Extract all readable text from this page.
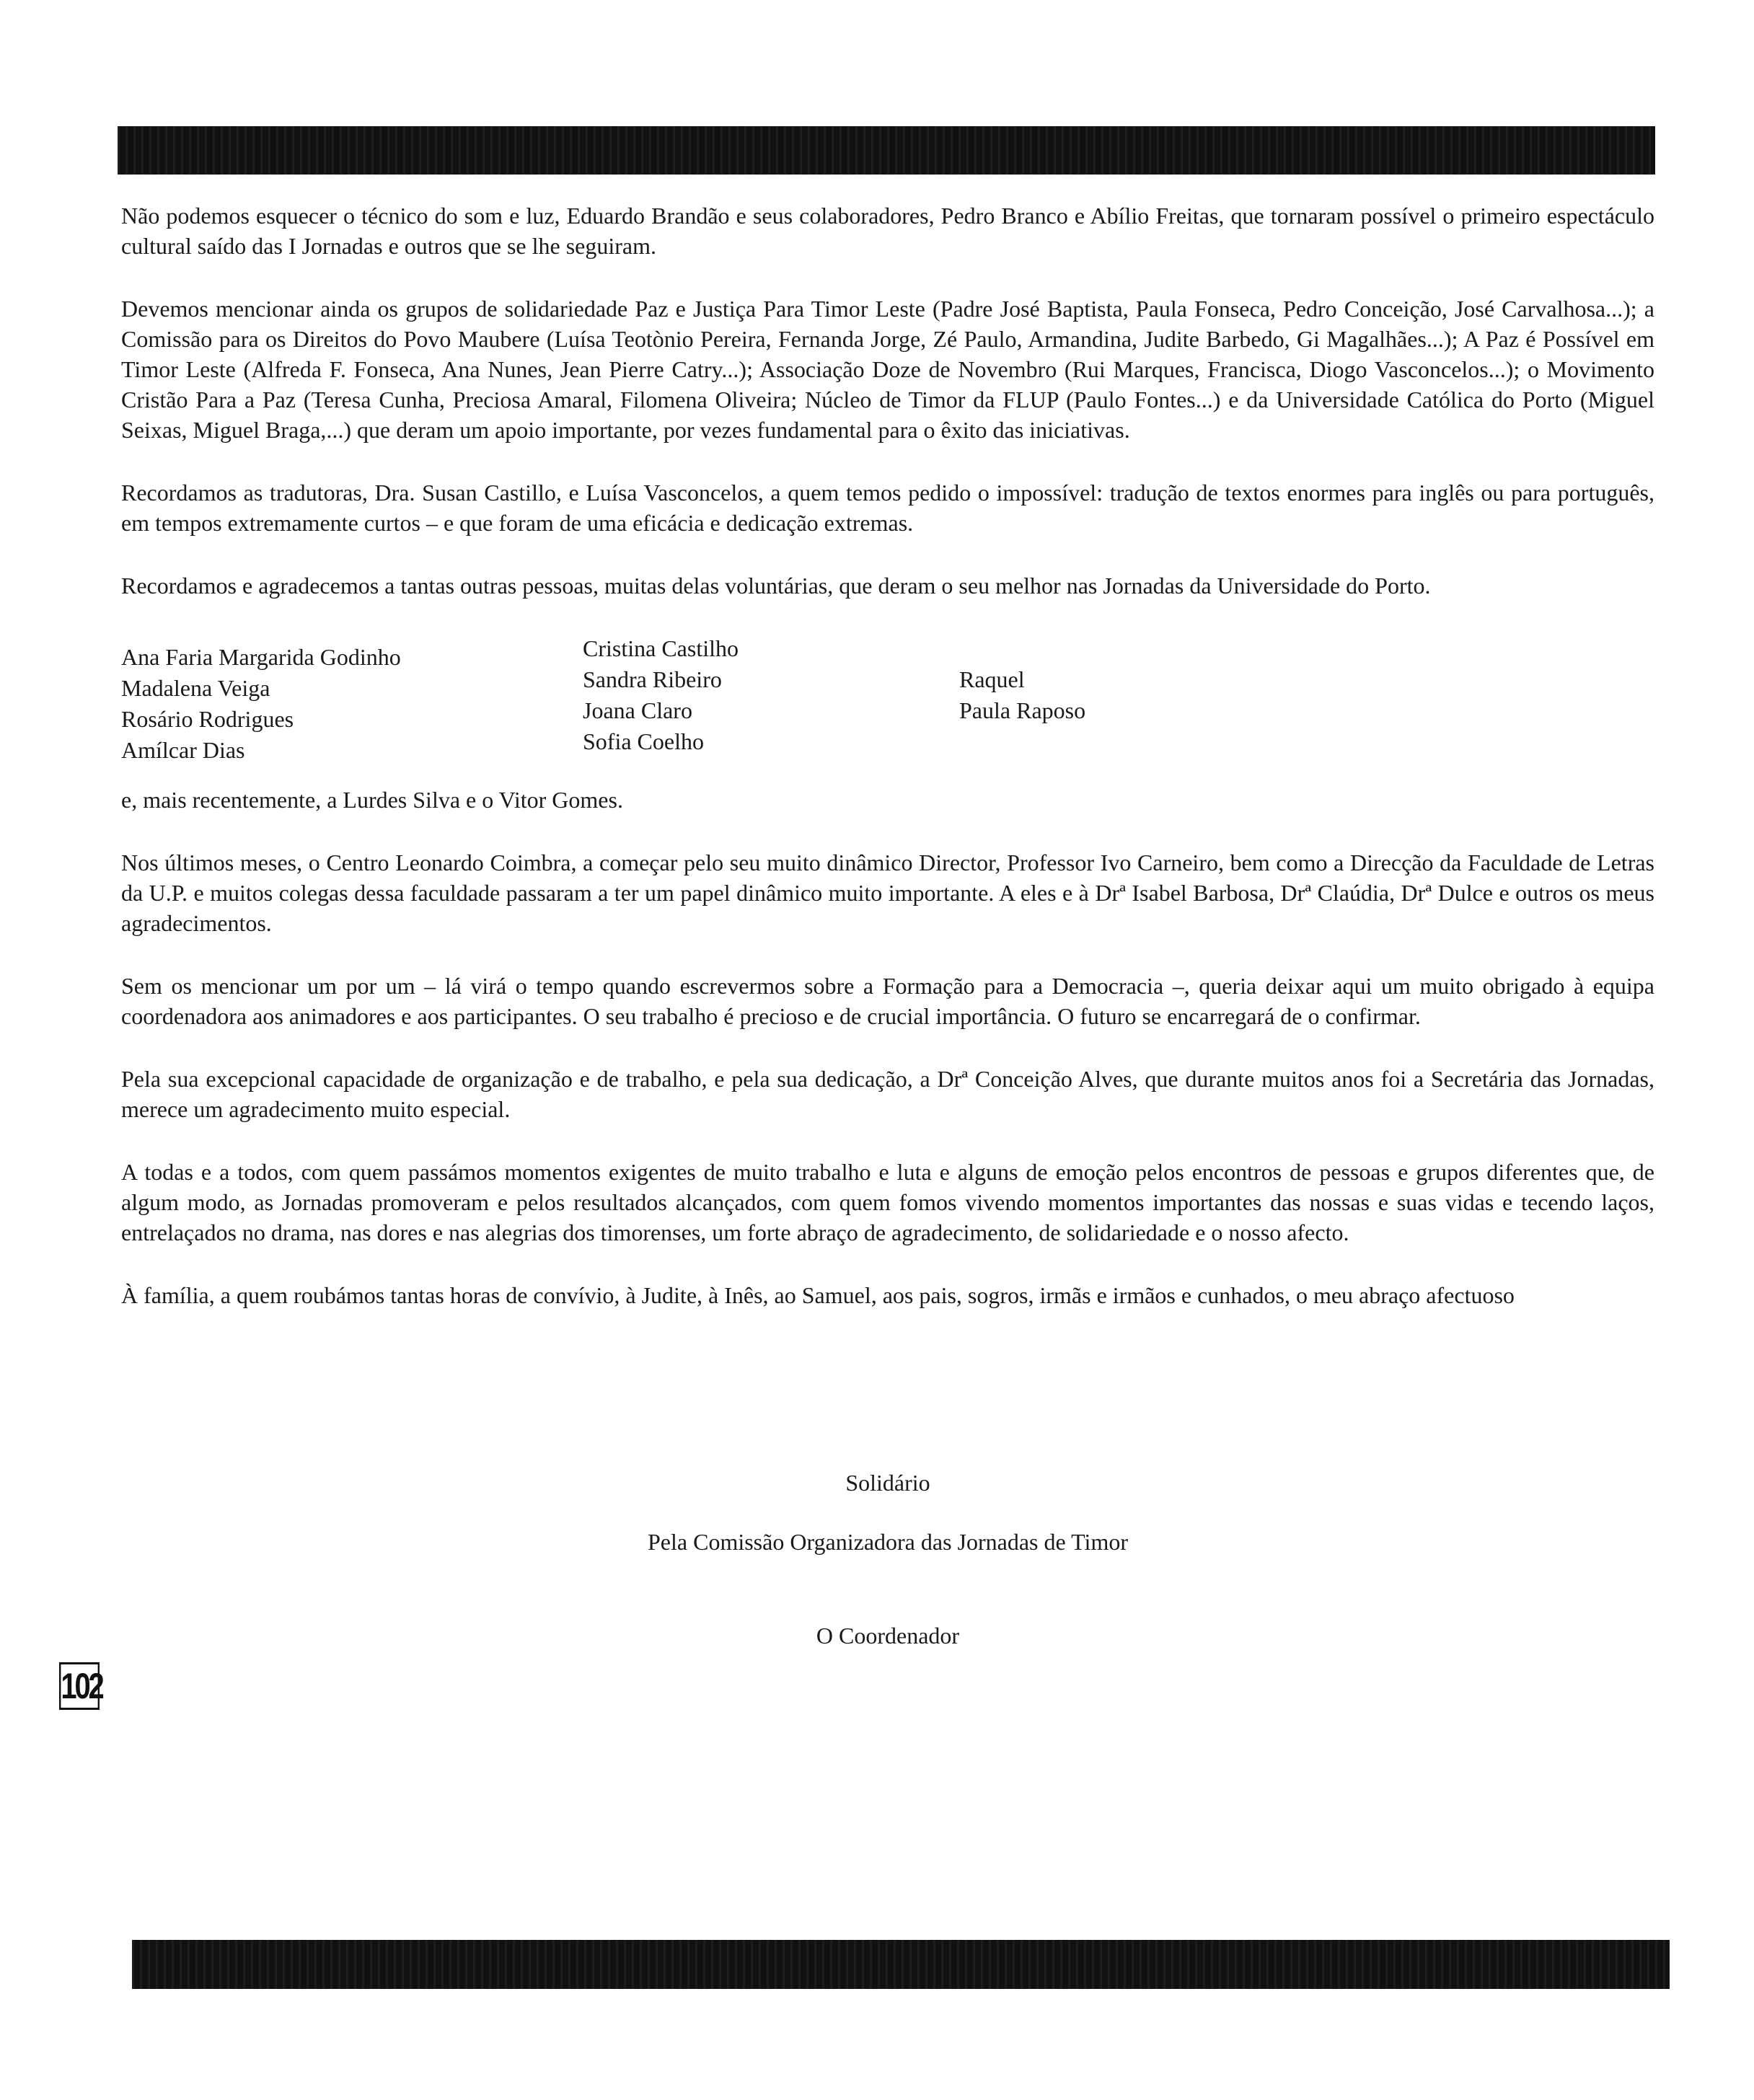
Não podemos esquecer o técnico do som e luz, Eduardo Brandão e seus colaboradores, Pedro Branco e Abílio Freitas, que tornaram possível o primeiro espectáculo cultural saído das I Jornadas e outros que se lhe seguiram.

Devemos mencionar ainda os grupos de solidariedade Paz e Justiça Para Timor Leste (Padre José Baptista, Paula Fonseca, Pedro Conceição, José Carvalhosa...); a Comissão para os Direitos do Povo Maubere (Luísa Teotònio Pereira, Fernanda Jorge, Zé Paulo, Armandina, Judite Barbedo, Gi Magalhães...); A Paz é Possível em Timor Leste (Alfreda F. Fonseca, Ana Nunes, Jean Pierre Catry...); Associação Doze de Novembro (Rui Marques, Francisca, Diogo Vasconcelos...); o Movimento Cristão Para a Paz (Teresa Cunha, Preciosa Amaral, Filomena Oliveira; Núcleo de Timor da FLUP (Paulo Fontes...) e da Universidade Católica do Porto (Miguel Seixas, Miguel Braga,...) que deram um apoio importante, por vezes fundamental para o êxito das iniciativas.

Recordamos as tradutoras, Dra. Susan Castillo, e Luísa Vasconcelos, a quem temos pedido o impossível: tradução de textos enormes para inglês ou para português, em tempos extremamente curtos – e que foram de uma eficácia e dedicação extremas.

Recordamos e agradecemos a tantas outras pessoas, muitas delas voluntárias, que deram o seu melhor nas Jornadas da Universidade do Porto.

Ana Faria Margarida Godinho
Madalena Veiga
Rosário Rodrigues
Amílcar Dias
Cristina Castilho
Sandra Ribeiro
Joana Claro
Sofia Coelho
Raquel
Paula Raposo

e, mais recentemente, a Lurdes Silva e o Vitor Gomes.

Nos últimos meses, o Centro Leonardo Coimbra, a começar pelo seu muito dinâmico Director, Professor Ivo Carneiro, bem como a Direcção da Faculdade de Letras da U.P. e muitos colegas dessa faculdade passaram a ter um papel dinâmico muito importante. A eles e à Drª Isabel Barbosa, Drª Claúdia, Drª Dulce e outros os meus agradecimentos.

Sem os mencionar um por um – lá virá o tempo quando escrevermos sobre a Formação para a Democracia –, queria deixar aqui um muito obrigado à equipa coordenadora aos animadores e aos participantes. O seu trabalho é precioso e de crucial importância. O futuro se encarregará de o confirmar.

Pela sua excepcional capacidade de organização e de trabalho, e pela sua dedicação, a Drª Conceição Alves, que durante muitos anos foi a Secretária das Jornadas, merece um agradecimento muito especial.

A todas e a todos, com quem passámos momentos exigentes de muito trabalho e luta e alguns de emoção pelos encontros de pessoas e grupos diferentes que, de algum modo, as Jornadas promoveram e pelos resultados alcançados, com quem fomos vivendo momentos importantes das nossas e suas vidas e tecendo laços, entrelaçados no drama, nas dores e nas alegrias dos timorenses, um forte abraço de agradecimento, de solidariedade e o nosso afecto.

À família, a quem roubámos tantas horas de convívio, à Judite, à Inês, ao Samuel, aos pais, sogros, irmãs e irmãos e cunhados, o meu abraço afectuoso

Solidário

Pela Comissão Organizadora das Jornadas de Timor

O Coordenador

102
